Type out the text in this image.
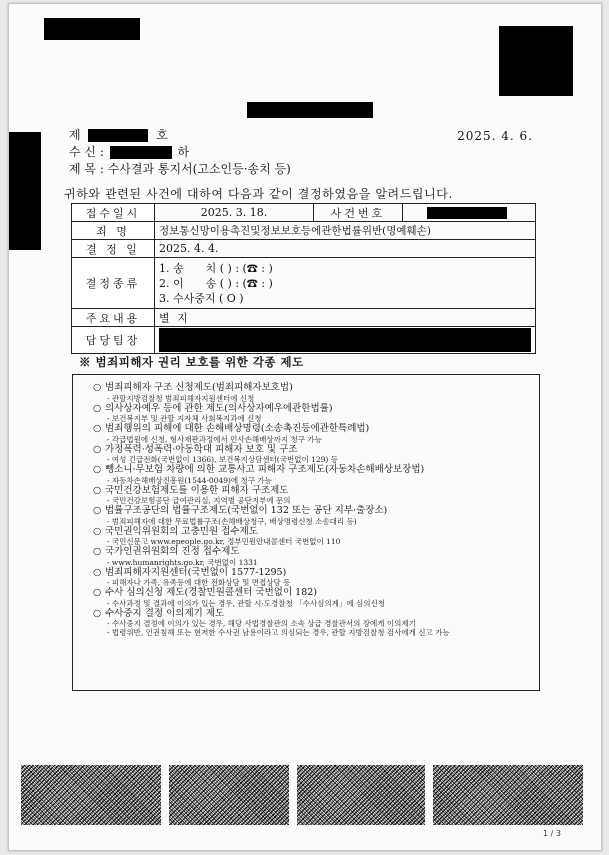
제	호	2025. 4. 6.
수 신 :	하
제 목 : 수사결과 통지서(고소인등·송치 등)
귀하와 관련된 사건에 대하여 다음과 같이 결정하였음을 알려드립니다.
접수일시	2025. 3. 18.	사건번호	
죄 명	정보통신망이용촉진및정보보호등에관한법률위반(명예훼손)		
결 정 일	2025. 4. 4.		
결정종류	1. 송　　치 ( ) : (☎ : )
2. 이　　송 ( ) : (☎ : )
3. 수사중지 ( O )		

주요내용	별 지		
담당팀장			
※ 범죄피해자 권리 보호를 위한 각종 제도
○ 범죄피해자 구조 신청제도(범죄피해자보호법)
- 관할지방검찰청 범죄피해자지원센터에 신청
○ 의사상자예우 등에 관한 제도(의사상자예우에관한법률)
- 보건복지부 및 관할 지자체 사회복지과에 신청
○ 범죄행위의 피해에 대한 손해배상명령(소송촉진등에관한특례법)
- 각급법원에 신청, 형사재판과정에서 민사손해배상까지 청구 가능
○ 가정폭력·성폭력·아동학대 피해자 보호 및 구조
- 여성 긴급전화(국번없이 1366), 보건복지상담센터(국번없이 129) 등
○ 뺑소니·무보험 차량에 의한 교통사고 피해자 구조제도(자동차손해배상보장법)
- 자동차손해배상진흥원(1544-0049)에 청구 가능
○ 국민건강보험제도를 이용한 피해자 구조제도
- 국민건강보험공단 급여관리실, 지역별 공단지부에 문의
○ 법률구조공단의 법률구조제도(국번없이 132 또는 공단 지부·출장소)
- 범죄피해자에 대한 무료법률구조(손해배상청구, 배상명령신청 소송대리 등)
○ 국민권익위원회의 고충민원 접수제도
- 국민신문고 www.epeople.go.kr, 정부민원안내콜센터 국번없이 110
○ 국가인권위원회의 진정 접수제도
- www.humanrights.go.kr, 국번없이 1331
○ 범죄피해자지원센터(국번없이 1577-1295)
- 피해자나 가족, 유족등에 대한 전화상담 및 면접상담 등
○ 수사 심의신청 제도(경찰민원콜센터 국번없이 182)
- 수사과정 및 결과에 이의가 있는 경우, 관할 시·도경찰청 「수사심의계」에 심의신청
○ 수사중지 결정 이의제기 제도
- 수사중지 결정에 이의가 있는 경우, 해당 사법경찰관의 소속 상급 경찰관서의 장에게 이의제기
- 법령위반, 인권침해 또는 현저한 수사권 남용이라고 의심되는 경우, 관할 지방검찰청 검사에게 신고 가능
1 / 3
